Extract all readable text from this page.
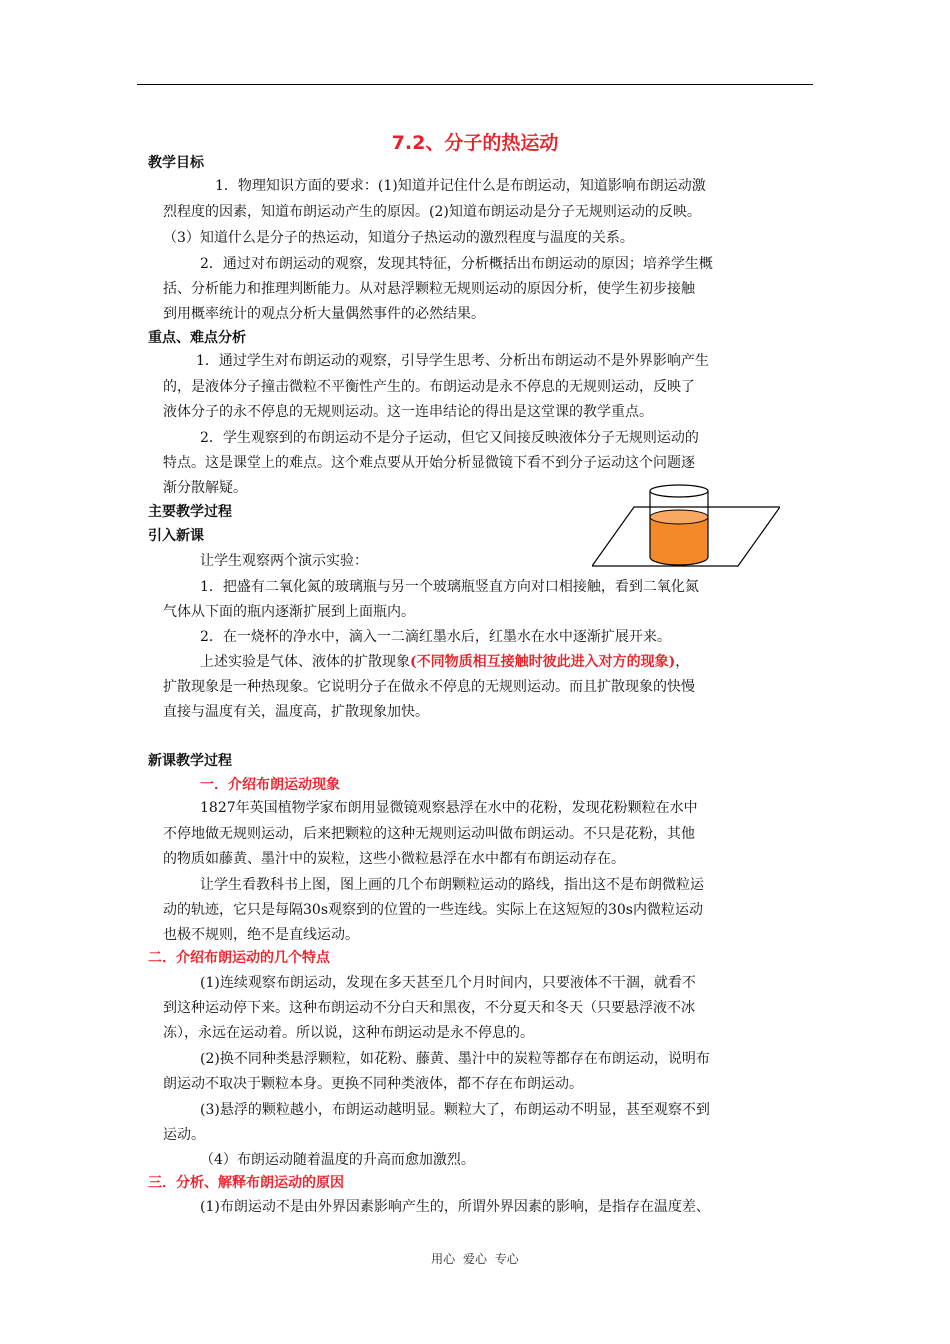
7.2、分子的热运动
教学目标
1．物理知识方面的要求：(1)知道并记住什么是布朗运动，知道影响布朗运动激
烈程度的因素，知道布朗运动产生的原因。(2)知道布朗运动是分子无规则运动的反映。
（3）知道什么是分子的热运动，知道分子热运动的激烈程度与温度的关系。
2．通过对布朗运动的观察，发现其特征，分析概括出布朗运动的原因；培养学生概
括、分析能力和推理判断能力。从对悬浮颗粒无规则运动的原因分析，使学生初步接触
到用概率统计的观点分析大量偶然事件的必然结果。
重点、难点分析
1．通过学生对布朗运动的观察，引导学生思考、分析出布朗运动不是外界影响产生
的，是液体分子撞击微粒不平衡性产生的。布朗运动是永不停息的无规则运动，反映了
液体分子的永不停息的无规则运动。这一连串结论的得出是这堂课的教学重点。
2．学生观察到的布朗运动不是分子运动，但它又间接反映液体分子无规则运动的
特点。这是课堂上的难点。这个难点要从开始分析显微镜下看不到分子运动这个问题逐
渐分散解疑。
主要教学过程
引入新课
让学生观察两个演示实验：
1．把盛有二氧化氮的玻璃瓶与另一个玻璃瓶竖直方向对口相接触，看到二氧化氮
气体从下面的瓶内逐渐扩展到上面瓶内。
2．在一烧杯的净水中，滴入一二滴红墨水后，红墨水在水中逐渐扩展开来。
上述实验是气体、液体的扩散现象(不同物质相互接触时彼此进入对方的现象)，
扩散现象是一种热现象。它说明分子在做永不停息的无规则运动。而且扩散现象的快慢
直接与温度有关，温度高，扩散现象加快。
新课教学过程
一．介绍布朗运动现象
1827年英国植物学家布朗用显微镜观察悬浮在水中的花粉，发现花粉颗粒在水中
不停地做无规则运动，后来把颗粒的这种无规则运动叫做布朗运动。不只是花粉，其他
的物质如藤黄、墨汁中的炭粒，这些小微粒悬浮在水中都有布朗运动存在。
让学生看教科书上图，图上画的几个布朗颗粒运动的路线，指出这不是布朗微粒运
动的轨迹，它只是每隔30s观察到的位置的一些连线。实际上在这短短的30s内微粒运动
也极不规则，绝不是直线运动。
二．介绍布朗运动的几个特点
(1)连续观察布朗运动，发现在多天甚至几个月时间内，只要液体不干涸，就看不
到这种运动停下来。这种布朗运动不分白天和黑夜，不分夏天和冬天（只要悬浮液不冰
冻），永远在运动着。所以说，这种布朗运动是永不停息的。
(2)换不同种类悬浮颗粒，如花粉、藤黄、墨汁中的炭粒等都存在布朗运动，说明布
朗运动不取决于颗粒本身。更换不同种类液体，都不存在布朗运动。
(3)悬浮的颗粒越小，布朗运动越明显。颗粒大了，布朗运动不明显，甚至观察不到
运动。
（4）布朗运动随着温度的升高而愈加激烈。
三．分析、解释布朗运动的原因
(1)布朗运动不是由外界因素影响产生的，所谓外界因素的影响，是指存在温度差、
用心 爱心 专心
